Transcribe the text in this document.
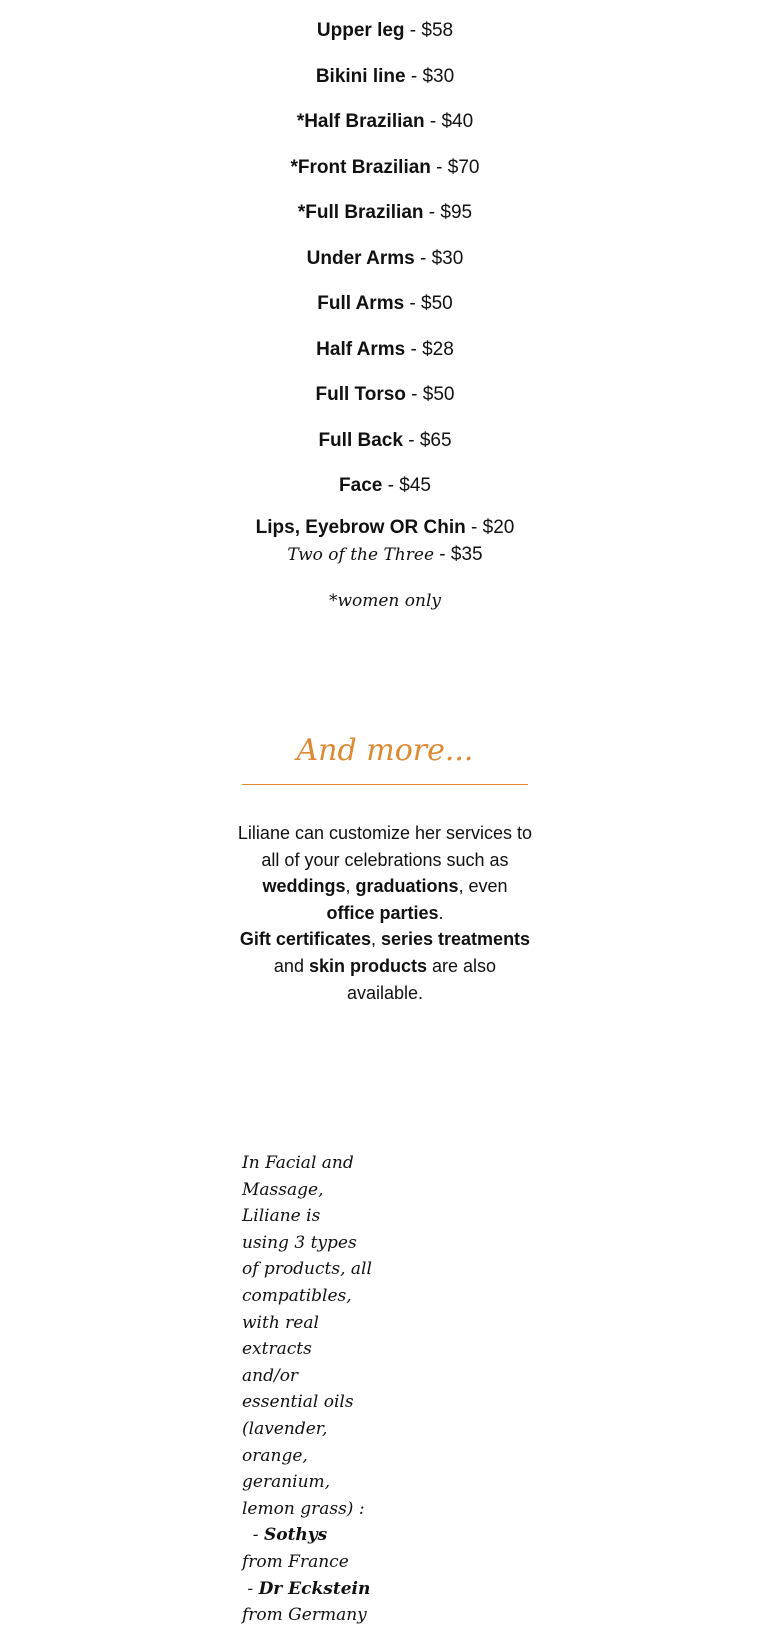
Upper leg - $58
Bikini line - $30
*Half Brazilian - $40
*Front Brazilian - $70
*Full Brazilian - $95
Under Arms - $30
Full Arms - $50
Half Arms - $28
Full Torso - $50
Full Back - $65
Face - $45
Lips, Eyebrow OR Chin - $20
Two of the Three - $35
*women only
And more...
Liliane can customize her services to all of your celebrations such as weddings, graduations, even office parties.
Gift certificates, series treatments and skin products are also available.
In Facial and Massage, Liliane is using 3 types of products, all compatibles, with real extracts and/or essential oils (lavender, orange, geranium, lemon grass) :
- Sothys from France
- Dr Eckstein from Germany
